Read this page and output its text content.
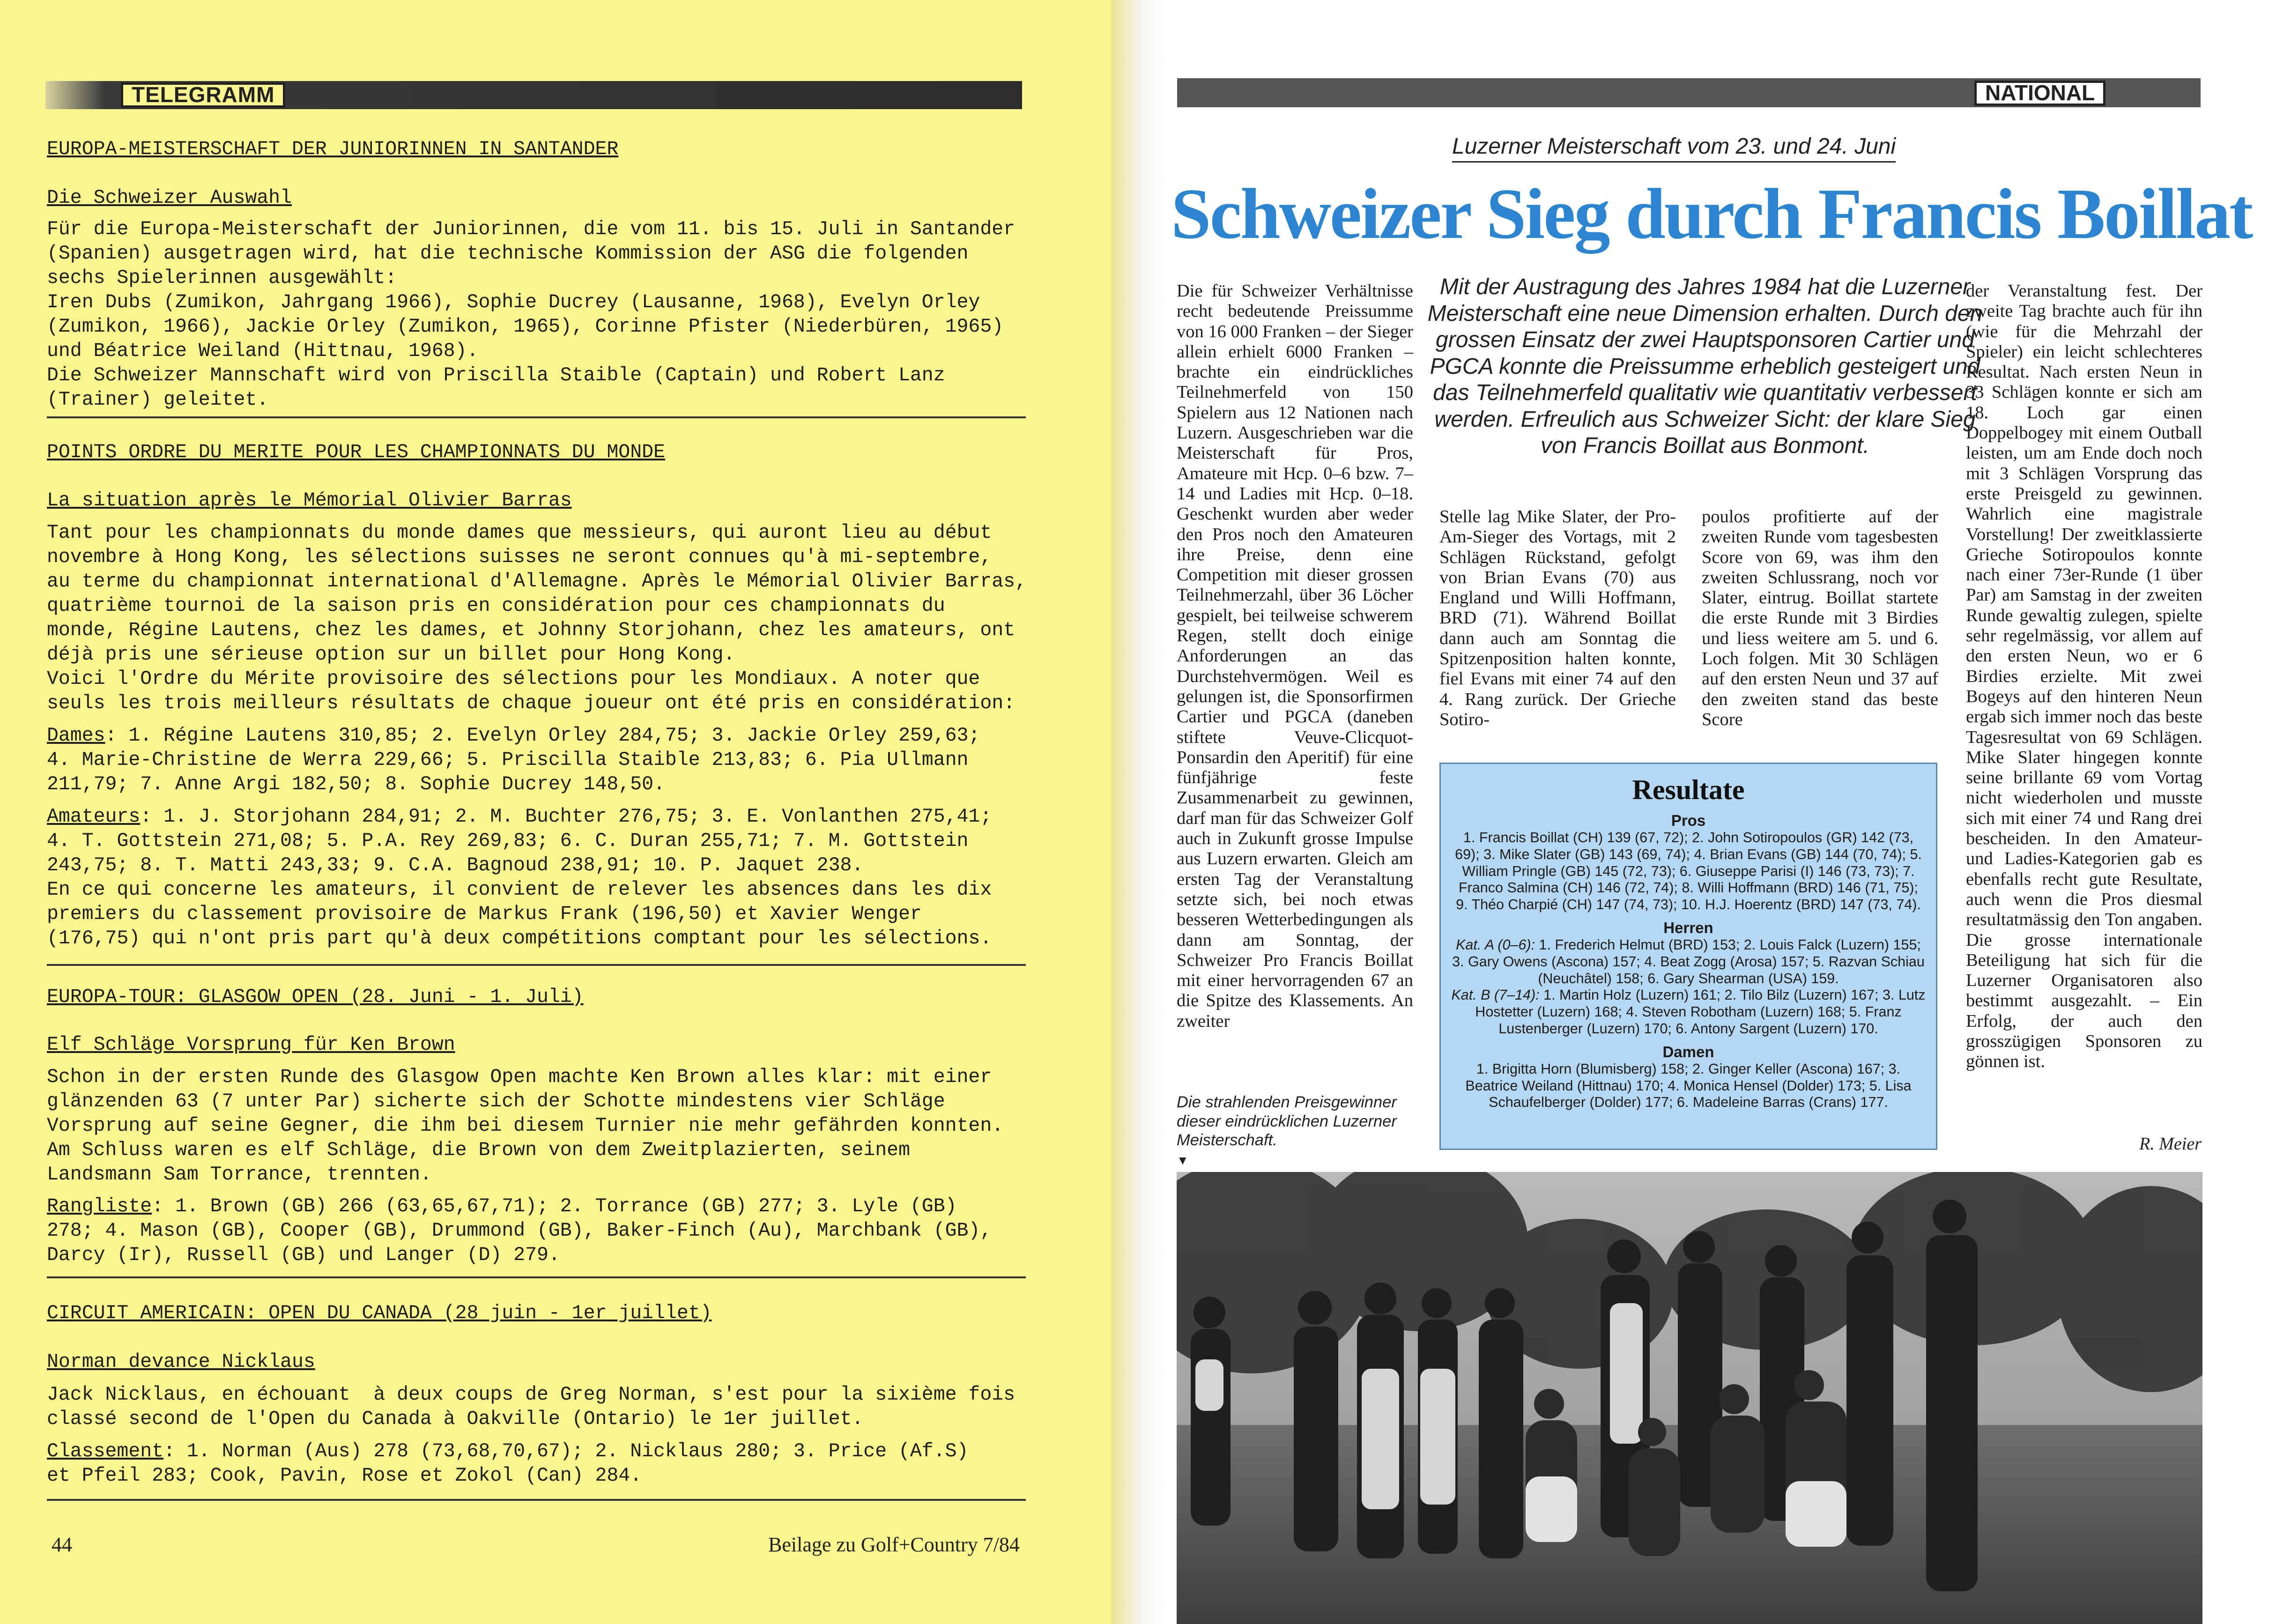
TELEGRAMM
EUROPA-MEISTERSCHAFT DER JUNIORINNEN IN SANTANDER
Die Schweizer Auswahl
Für die Europa-Meisterschaft der Juniorinnen, die vom 11. bis 15. Juli in Santander
(Spanien) ausgetragen wird, hat die technische Kommission der ASG die folgenden
sechs Spielerinnen ausgewählt:
Iren Dubs (Zumikon, Jahrgang 1966), Sophie Ducrey (Lausanne, 1968), Evelyn Orley
(Zumikon, 1966), Jackie Orley (Zumikon, 1965), Corinne Pfister (Niederbüren, 1965)
und Béatrice Weiland (Hittnau, 1968).
Die Schweizer Mannschaft wird von Priscilla Staible (Captain) und Robert Lanz
(Trainer) geleitet.
POINTS ORDRE DU MERITE POUR LES CHAMPIONNATS DU MONDE
La situation après le Mémorial Olivier Barras
Tant pour les championnats du monde dames que messieurs, qui auront lieu au début
novembre à Hong Kong, les sélections suisses ne seront connues qu'à mi-septembre,
au terme du championnat international d'Allemagne. Après le Mémorial Olivier Barras,
quatrième tournoi de la saison pris en considération pour ces championnats du
monde, Régine Lautens, chez les dames, et Johnny Storjohann, chez les amateurs, ont
déjà pris une sérieuse option sur un billet pour Hong Kong.
Voici l'Ordre du Mérite provisoire des sélections pour les Mondiaux. A noter que
seuls les trois meilleurs résultats de chaque joueur ont été pris en considération:
Dames: 1. Régine Lautens 310,85; 2. Evelyn Orley 284,75; 3. Jackie Orley 259,63;
4. Marie-Christine de Werra 229,66; 5. Priscilla Staible 213,83; 6. Pia Ullmann
211,79; 7. Anne Argi 182,50; 8. Sophie Ducrey 148,50.
Amateurs: 1. J. Storjohann 284,91; 2. M. Buchter 276,75; 3. E. Vonlanthen 275,41;
4. T. Gottstein 271,08; 5. P.A. Rey 269,83; 6. C. Duran 255,71; 7. M. Gottstein
243,75; 8. T. Matti 243,33; 9. C.A. Bagnoud 238,91; 10. P. Jaquet 238.
En ce qui concerne les amateurs, il convient de relever les absences dans les dix
premiers du classement provisoire de Markus Frank (196,50) et Xavier Wenger
(176,75) qui n'ont pris part qu'à deux compétitions comptant pour les sélections.
EUROPA-TOUR: GLASGOW OPEN (28. Juni - 1. Juli)
Elf Schläge Vorsprung für Ken Brown
Schon in der ersten Runde des Glasgow Open machte Ken Brown alles klar: mit einer
glänzenden 63 (7 unter Par) sicherte sich der Schotte mindestens vier Schläge
Vorsprung auf seine Gegner, die ihm bei diesem Turnier nie mehr gefährden konnten.
Am Schluss waren es elf Schläge, die Brown von dem Zweitplazierten, seinem
Landsmann Sam Torrance, trennten.
Rangliste: 1. Brown (GB) 266 (63,65,67,71); 2. Torrance (GB) 277; 3. Lyle (GB)
278; 4. Mason (GB), Cooper (GB), Drummond (GB), Baker-Finch (Au), Marchbank (GB),
Darcy (Ir), Russell (GB) und Langer (D) 279.
CIRCUIT AMERICAIN: OPEN DU CANADA (28 juin - 1er juillet)
Norman devance Nicklaus
Jack Nicklaus, en échouant  à deux coups de Greg Norman, s'est pour la sixième fois
classé second de l'Open du Canada à Oakville (Ontario) le 1er juillet.
Classement: 1. Norman (Aus) 278 (73,68,70,67); 2. Nicklaus 280; 3. Price (Af.S)
et Pfeil 283; Cook, Pavin, Rose et Zokol (Can) 284.
44	Beilage zu Golf+Country 7/84
NATIONAL
Luzerner Meisterschaft vom 23. und 24. Juni
Schweizer Sieg durch Francis Boillat
Die für Schweizer Verhältnisse recht bedeutende Preissumme von 16 000 Franken – der Sieger allein erhielt 6000 Franken – brachte ein eindrückliches Teilnehmerfeld von 150 Spielern aus 12 Nationen nach Luzern. Ausgeschrieben war die Meisterschaft für Pros, Amateure mit Hcp. 0–6 bzw. 7–14 und Ladies mit Hcp. 0–18. Geschenkt wurden aber weder den Pros noch den Amateuren ihre Preise, denn eine Competition mit dieser grossen Teilnehmerzahl, über 36 Löcher gespielt, bei teilweise schwerem Regen, stellt doch einige Anforderungen an das Durchstehvermögen. Weil es gelungen ist, die Sponsorfirmen Cartier und PGCA (daneben stiftete Veuve-Clicquot-Ponsardin den Aperitif) für eine fünfjährige feste Zusammenarbeit zu gewinnen, darf man für das Schweizer Golf auch in Zukunft grosse Impulse aus Luzern erwarten. Gleich am ersten Tag der Veranstaltung setzte sich, bei noch etwas besseren Wetterbedingungen als dann am Sonntag, der Schweizer Pro Francis Boillat mit einer hervorragenden 67 an die Spitze des Klassements. An zweiter
Mit der Austragung des Jahres 1984 hat die Luzerner Meisterschaft eine neue Dimension erhalten. Durch den grossen Einsatz der zwei Hauptsponsoren Cartier und PGCA konnte die Preissumme erheblich gesteigert und das Teilnehmerfeld qualitativ wie quantitativ verbessert werden. Erfreulich aus Schweizer Sicht: der klare Sieg von Francis Boillat aus Bonmont.
Stelle lag Mike Slater, der Pro-Am-Sieger des Vortags, mit 2 Schlägen Rückstand, gefolgt von Brian Evans (70) aus England und Willi Hoffmann, BRD (71). Während Boillat dann auch am Sonntag die Spitzenposition halten konnte, fiel Evans mit einer 74 auf den 4. Rang zurück. Der Grieche Sotiro-
poulos profitierte auf der zweiten Runde vom tagesbesten Score von 69, was ihm den zweiten Schlussrang, noch vor Slater, eintrug. Boillat startete die erste Runde mit 3 Birdies und liess weitere am 5. und 6. Loch folgen. Mit 30 Schlägen auf den ersten Neun und 37 auf den zweiten stand das beste Score
der Veranstaltung fest. Der zweite Tag brachte auch für ihn (wie für die Mehrzahl der Spieler) ein leicht schlechteres Resultat. Nach ersten Neun in 33 Schlägen konnte er sich am 18. Loch gar einen Doppelbogey mit einem Outball leisten, um am Ende doch noch mit 3 Schlägen Vorsprung das erste Preisgeld zu gewinnen. Wahrlich eine magistrale Vorstellung! Der zweitklassierte Grieche Sotiropoulos konnte nach einer 73er-Runde (1 über Par) am Samstag in der zweiten Runde gewaltig zulegen, spielte sehr regelmässig, vor allem auf den ersten Neun, wo er 6 Birdies erzielte. Mit zwei Bogeys auf den hinteren Neun ergab sich immer noch das beste Tagesresultat von 69 Schlägen. Mike Slater hingegen konnte seine brillante 69 vom Vortag nicht wiederholen und musste sich mit einer 74 und Rang drei bescheiden. In den Amateur- und Ladies-Kategorien gab es ebenfalls recht gute Resultate, auch wenn die Pros diesmal resultatmässig den Ton angaben. Die grosse internationale Beteiligung hat sich für die Luzerner Organisatoren also bestimmt ausgezahlt. – Ein Erfolg, der auch den grosszügigen Sponsoren zu gönnen ist.
R. Meier
Resultate
Pros

1. Francis Boillat (CH) 139 (67, 72); 2. John Sotiropoulos (GR) 142 (73, 69); 3. Mike Slater (GB) 143 (69, 74); 4. Brian Evans (GB) 144 (70, 74); 5. William Pringle (GB) 145 (72, 73); 6. Giuseppe Parisi (I) 146 (73, 73); 7. Franco Salmina (CH) 146 (72, 74); 8. Willi Hoffmann (BRD) 146 (71, 75); 9. Théo Charpié (CH) 147 (74, 73); 10. H.J. Hoerentz (BRD) 147 (73, 74).

Herren

Kat. A (0–6): 1. Frederich Helmut (BRD) 153; 2. Louis Falck (Luzern) 155; 3. Gary Owens (Ascona) 157; 4. Beat Zogg (Arosa) 157; 5. Razvan Schiau (Neuchâtel) 158; 6. Gary Shearman (USA) 159.

Kat. B (7–14): 1. Martin Holz (Luzern) 161; 2. Tilo Bilz (Luzern) 167; 3. Lutz Hostetter (Luzern) 168; 4. Steven Robotham (Luzern) 168; 5. Franz Lustenberger (Luzern) 170; 6. Antony Sargent (Luzern) 170.

Damen

1. Brigitta Horn (Blumisberg) 158; 2. Ginger Keller (Ascona) 167; 3. Beatrice Weiland (Hittnau) 170; 4. Monica Hensel (Dolder) 173; 5. Lisa Schaufelberger (Dolder) 177; 6. Madeleine Barras (Crans) 177.

Die strahlenden Preisgewinner dieser eindrücklichen Luzerner Meisterschaft.
▼
